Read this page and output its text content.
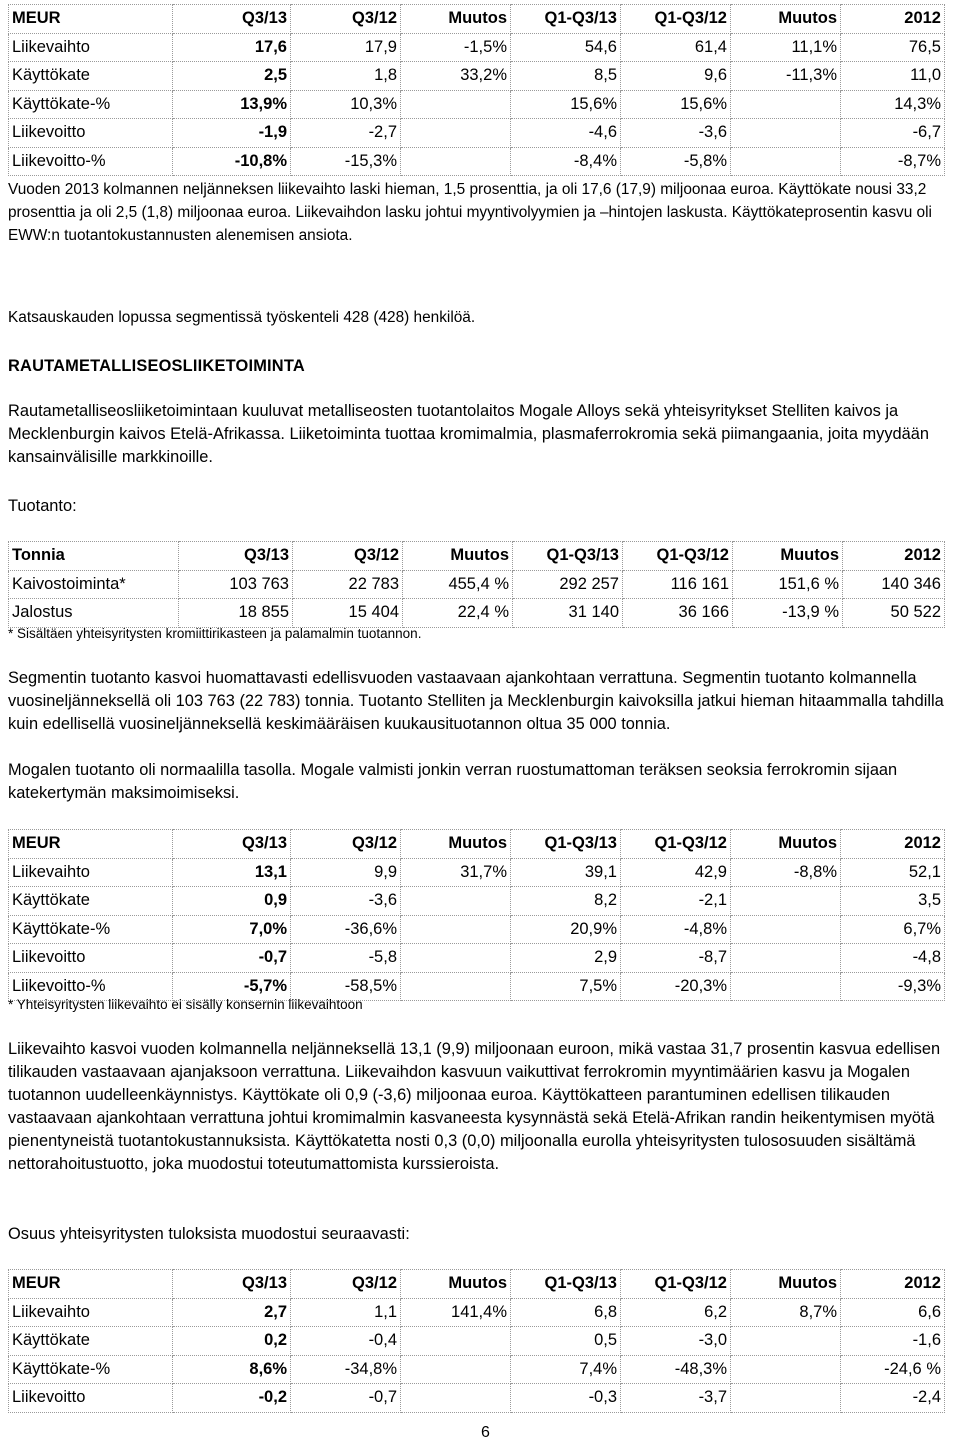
MEUR	Q3/13	Q3/12	Muutos	Q1-Q3/13	Q1-Q3/12	Muutos	2012
Liikevaihto	17,6	17,9	-1,5%	54,6	61,4	11,1%	76,5
Käyttökate	2,5	1,8	33,2%	8,5	9,6	-11,3%	11,0
Käyttökate-%	13,9%	10,3%		15,6%	15,6%		14,3%
Liikevoitto	-1,9	-2,7		-4,6	-3,6		-6,7
Liikevoitto-%	-10,8%	-15,3%		-8,4%	-5,8%		-8,7%

Vuoden 2013 kolmannen neljänneksen liikevaihto laski hieman, 1,5 prosenttia, ja oli 17,6 (17,9) miljoonaa euroa. Käyttökate nousi 33,2 prosenttia ja oli 2,5 (1,8) miljoonaa euroa. Liikevaihdon lasku johtui myyntivolyymien ja –hintojen laskusta. Käyttökateprosentin kasvu oli EWW:n tuotantokustannusten alenemisen ansiota.

Katsauskauden lopussa segmentissä työskenteli 428 (428) henkilöä.

RAUTAMETALLISEOSLIIKETOIMINTA

Rautametalliseosliiketoimintaan kuuluvat metalliseosten tuotantolaitos Mogale Alloys sekä yhteisyritykset Stelliten kaivos ja Mecklenburgin kaivos Etelä-Afrikassa. Liiketoiminta tuottaa kromimalmia, plasmaferrokromia sekä piimangaania, joita myydään kansainvälisille markkinoille.

Tuotanto:
Tonnia	Q3/13	Q3/12	Muutos	Q1-Q3/13	Q1-Q3/12	Muutos	2012
Kaivostoiminta*	103 763	22 783	455,4 %	292 257	116 161	151,6 %	140 346
Jalostus	18 855	15 404	22,4 %	31 140	36 166	-13,9 %	50 522
* Sisältäen yhteisyritysten kromiittirikasteen ja palamalmin tuotannon.

Segmentin tuotanto kasvoi huomattavasti edellisvuoden vastaavaan ajankohtaan verrattuna. Segmentin tuotanto kolmannella vuosineljänneksellä oli 103 763 (22 783) tonnia. Tuotanto Stelliten ja Mecklenburgin kaivoksilla jatkui hieman hitaammalla tahdilla kuin edellisellä vuosineljänneksellä keskimääräisen kuukausituotannon oltua 35 000 tonnia.

Mogalen tuotanto oli normaalilla tasolla. Mogale valmisti jonkin verran ruostumattoman teräksen seoksia ferrokromin sijaan katekertymän maksimoimiseksi.

MEUR	Q3/13	Q3/12	Muutos	Q1-Q3/13	Q1-Q3/12	Muutos	2012
Liikevaihto	13,1	9,9	31,7%	39,1	42,9	-8,8%	52,1
Käyttökate	0,9	-3,6		8,2	-2,1		3,5
Käyttökate-%	7,0%	-36,6%		20,9%	-4,8%		6,7%
Liikevoitto	-0,7	-5,8		2,9	-8,7		-4,8
Liikevoitto-%	-5,7%	-58,5%		7,5%	-20,3%		-9,3%
* Yhteisyritysten liikevaihto ei sisälly konsernin liikevaihtoon

Liikevaihto kasvoi vuoden kolmannella neljänneksellä 13,1 (9,9) miljoonaan euroon, mikä vastaa 31,7 prosentin kasvua edellisen tilikauden vastaavaan ajanjaksoon verrattuna. Liikevaihdon kasvuun vaikuttivat ferrokromin myyntimäärien kasvu ja Mogalen tuotannon uudelleenkäynnistys. Käyttökate oli 0,9 (-3,6) miljoonaa euroa. Käyttökatteen parantuminen edellisen tilikauden vastaavaan ajankohtaan verrattuna johtui kromimalmin kasvaneesta kysynnästä sekä Etelä-Afrikan randin heikentymisen myötä pienentyneistä tuotantokustannuksista. Käyttökatetta nosti 0,3 (0,0) miljoonalla eurolla yhteisyritysten tulososuuden sisältämä nettorahoitustuotto, joka muodostui toteutumattomista kurssieroista.

Osuus yhteisyritysten tuloksista muodostui seuraavasti:

MEUR	Q3/13	Q3/12	Muutos	Q1-Q3/13	Q1-Q3/12	Muutos	2012
Liikevaihto	2,7	1,1	141,4%	6,8	6,2	8,7%	6,6
Käyttökate	0,2	-0,4		0,5	-3,0		-1,6
Käyttökate-%	8,6%	-34,8%		7,4%	-48,3%		-24,6 %
Liikevoitto	-0,2	-0,7		-0,3	-3,7		-2,4
6
